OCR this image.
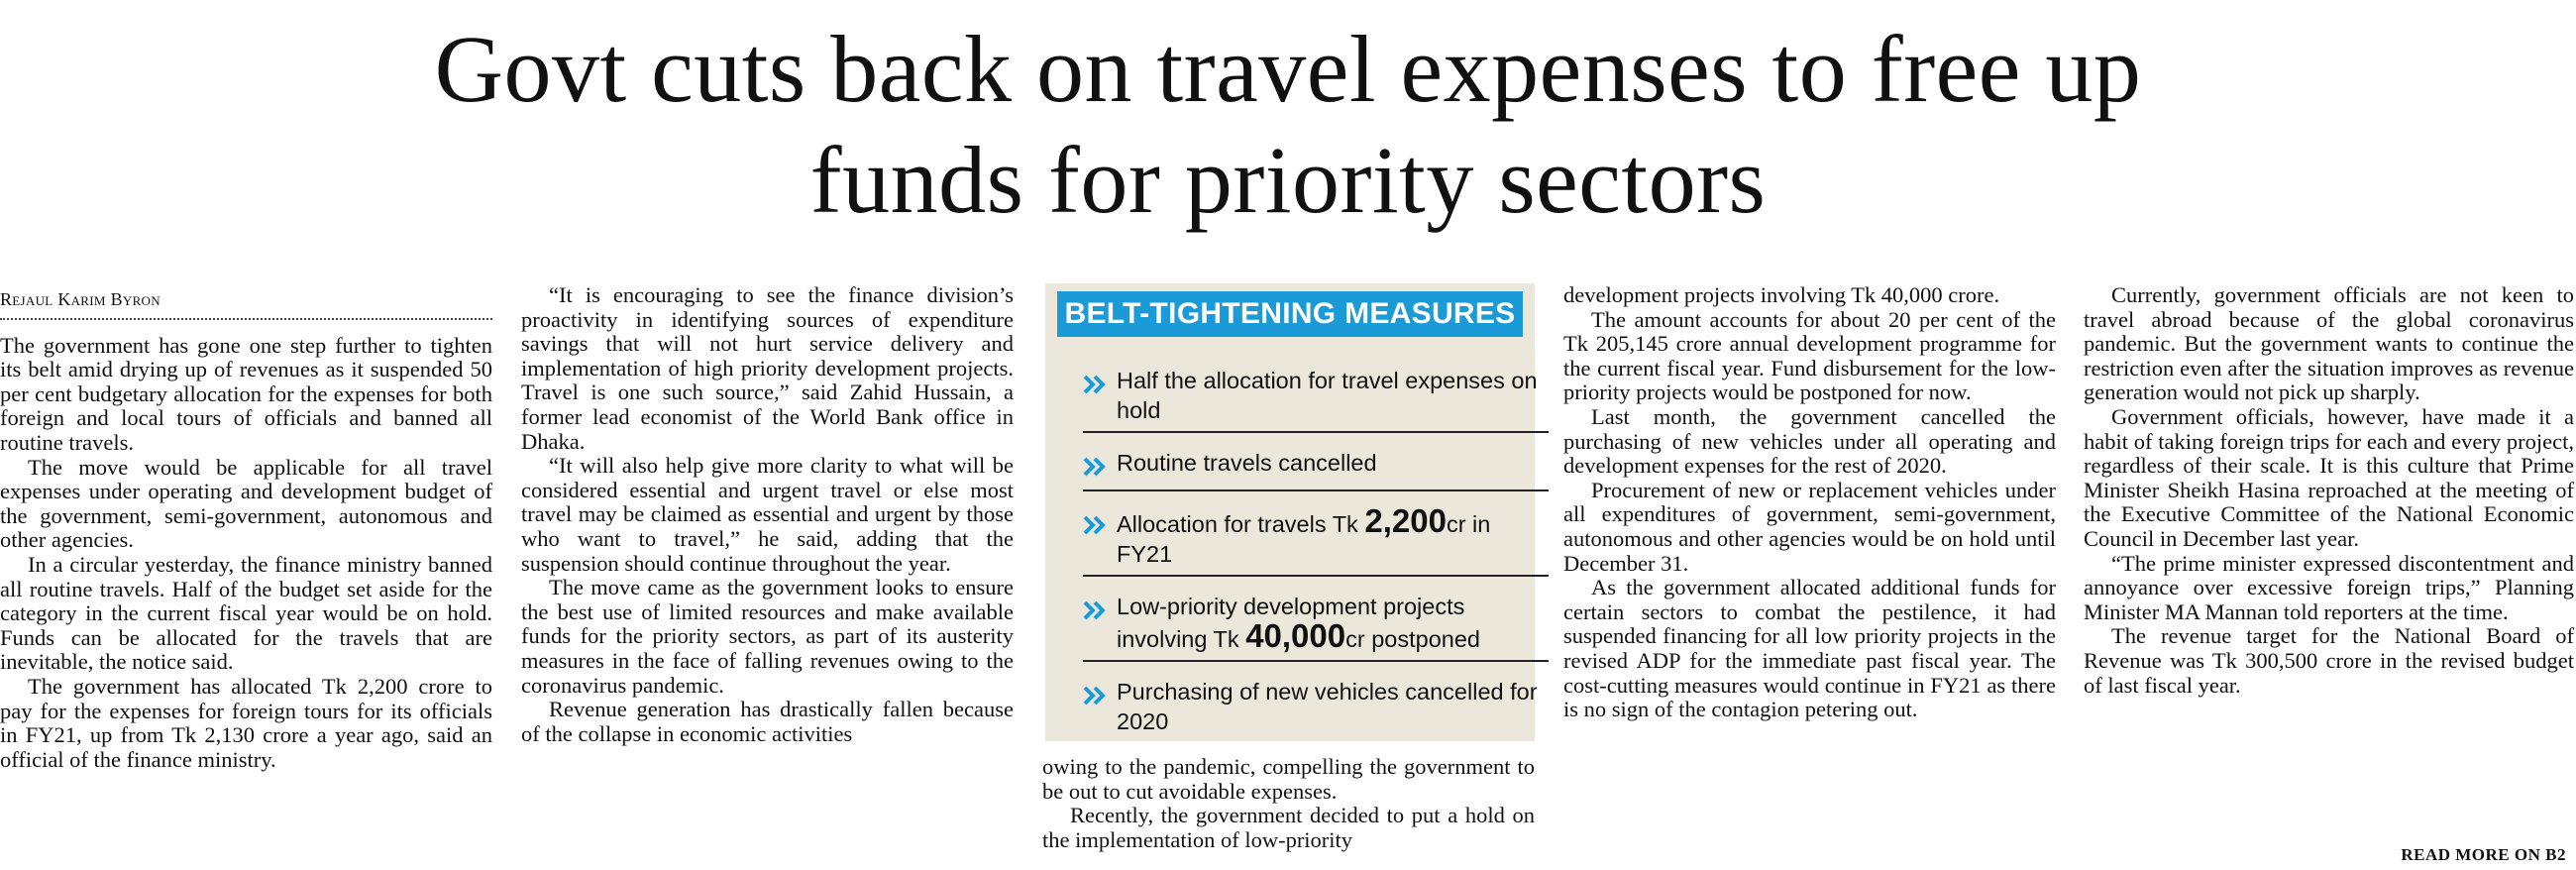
Govt cuts back on travel expenses to free up
funds for priority sectors
Rejaul Karim Byron

The government has gone one step further to tighten its belt amid drying up of revenues as it suspended 50 per cent budgetary allocation for the expenses for both foreign and local tours of officials and banned all routine travels.

The move would be applicable for all travel expenses under operating and development budget of the government, semi-government, autonomous and other agencies.

In a circular yesterday, the finance ministry banned all routine travels. Half of the budget set aside for the category in the current fiscal year would be on hold. Funds can be allocated for the travels that are inevitable, the notice said.

The government has allocated Tk 2,200 crore to pay for the expenses for foreign tours for its officials in FY21, up from Tk 2,130 crore a year ago, said an official of the finance ministry.

“It is encouraging to see the finance division’s proactivity in identifying sources of expenditure savings that will not hurt service delivery and implementation of high priority development projects. Travel is one such source,” said Zahid Hussain, a former lead economist of the World Bank office in Dhaka.

“It will also help give more clarity to what will be considered essential and urgent travel or else most travel may be claimed as essential and urgent by those who want to travel,” he said, adding that the suspension should continue throughout the year.

The move came as the government looks to ensure the best use of limited resources and make available funds for the priority sectors, as part of its austerity measures in the face of falling revenues owing to the coronavirus pandemic.

Revenue generation has drastically fallen because of the collapse in economic activities

BELT-TIGHTENING MEASURES
Half the allocation for travel expenses on hold
Routine travels cancelled
Allocation for travels Tk 2,200cr in FY21
Low-priority development projects involving Tk 40,000cr postponed
Purchasing of new vehicles cancelled for 2020

owing to the pandemic, compelling the government to be out to cut avoidable expenses.

Recently, the government decided to put a hold on the implementation of low-priority

development projects involving Tk 40,000 crore.

The amount accounts for about 20 per cent of the Tk 205,145 crore annual development programme for the current fiscal year. Fund disbursement for the low-priority projects would be postponed for now.

Last month, the government cancelled the purchasing of new vehicles under all operating and development expenses for the rest of 2020.

Procurement of new or replacement vehicles under all expenditures of government, semi-government, autonomous and other agencies would be on hold until December 31.

As the government allocated additional funds for certain sectors to combat the pestilence, it had suspended financing for all low priority projects in the revised ADP for the immediate past fiscal year. The cost-cutting measures would continue in FY21 as there is no sign of the contagion petering out.

Currently, government officials are not keen to travel abroad because of the global coronavirus pandemic. But the government wants to continue the restriction even after the situation improves as revenue generation would not pick up sharply.

Government officials, however, have made it a habit of taking foreign trips for each and every project, regardless of their scale. It is this culture that Prime Minister Sheikh Hasina reproached at the meeting of the Executive Committee of the National Economic Council in December last year.

“The prime minister expressed discontentment and annoyance over excessive foreign trips,” Planning Minister MA Mannan told reporters at the time.

The revenue target for the National Board of Revenue was Tk 300,500 crore in the revised budget of last fiscal year.

READ MORE ON B2
